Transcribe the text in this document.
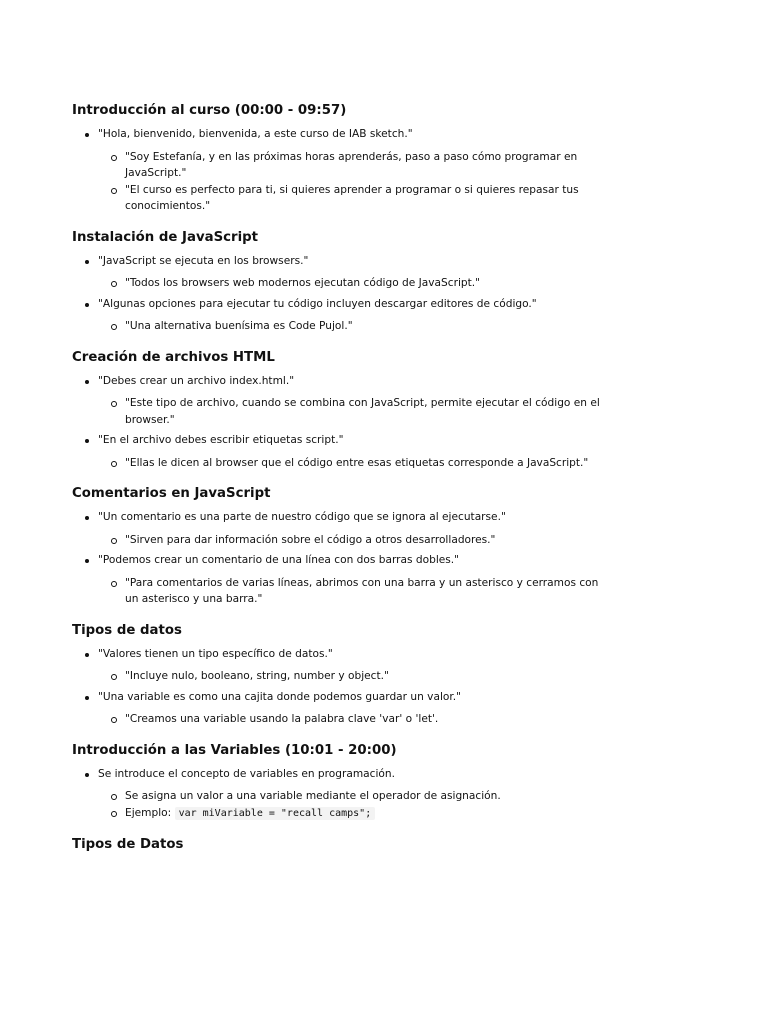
Introducción al curso (00:00 - 09:57)
"Hola, bienvenido, bienvenida, a este curso de IAB sketch."
"Soy Estefanía, y en las próximas horas aprenderás, paso a paso cómo programar en JavaScript."
"El curso es perfecto para ti, si quieres aprender a programar o si quieres repasar tus conocimientos."
Instalación de JavaScript
"JavaScript se ejecuta en los browsers."
"Todos los browsers web modernos ejecutan código de JavaScript."
"Algunas opciones para ejecutar tu código incluyen descargar editores de código."
"Una alternativa buenísima es Code Pujol."
Creación de archivos HTML
"Debes crear un archivo index.html."
"Este tipo de archivo, cuando se combina con JavaScript, permite ejecutar el código en el browser."
"En el archivo debes escribir etiquetas script."
"Ellas le dicen al browser que el código entre esas etiquetas corresponde a JavaScript."
Comentarios en JavaScript
"Un comentario es una parte de nuestro código que se ignora al ejecutarse."
"Sirven para dar información sobre el código a otros desarrolladores."
"Podemos crear un comentario de una línea con dos barras dobles."
"Para comentarios de varias líneas, abrimos con una barra y un asterisco y cerramos con un asterisco y una barra."
Tipos de datos
"Valores tienen un tipo específico de datos."
"Incluye nulo, booleano, string, number y object."
"Una variable es como una cajita donde podemos guardar un valor."
"Creamos una variable usando la palabra clave 'var' o 'let'.
Introducción a las Variables (10:01 - 20:00)
Se introduce el concepto de variables en programación.
Se asigna un valor a una variable mediante el operador de asignación.
Ejemplo: var miVariable = "recall camps";
Tipos de Datos
